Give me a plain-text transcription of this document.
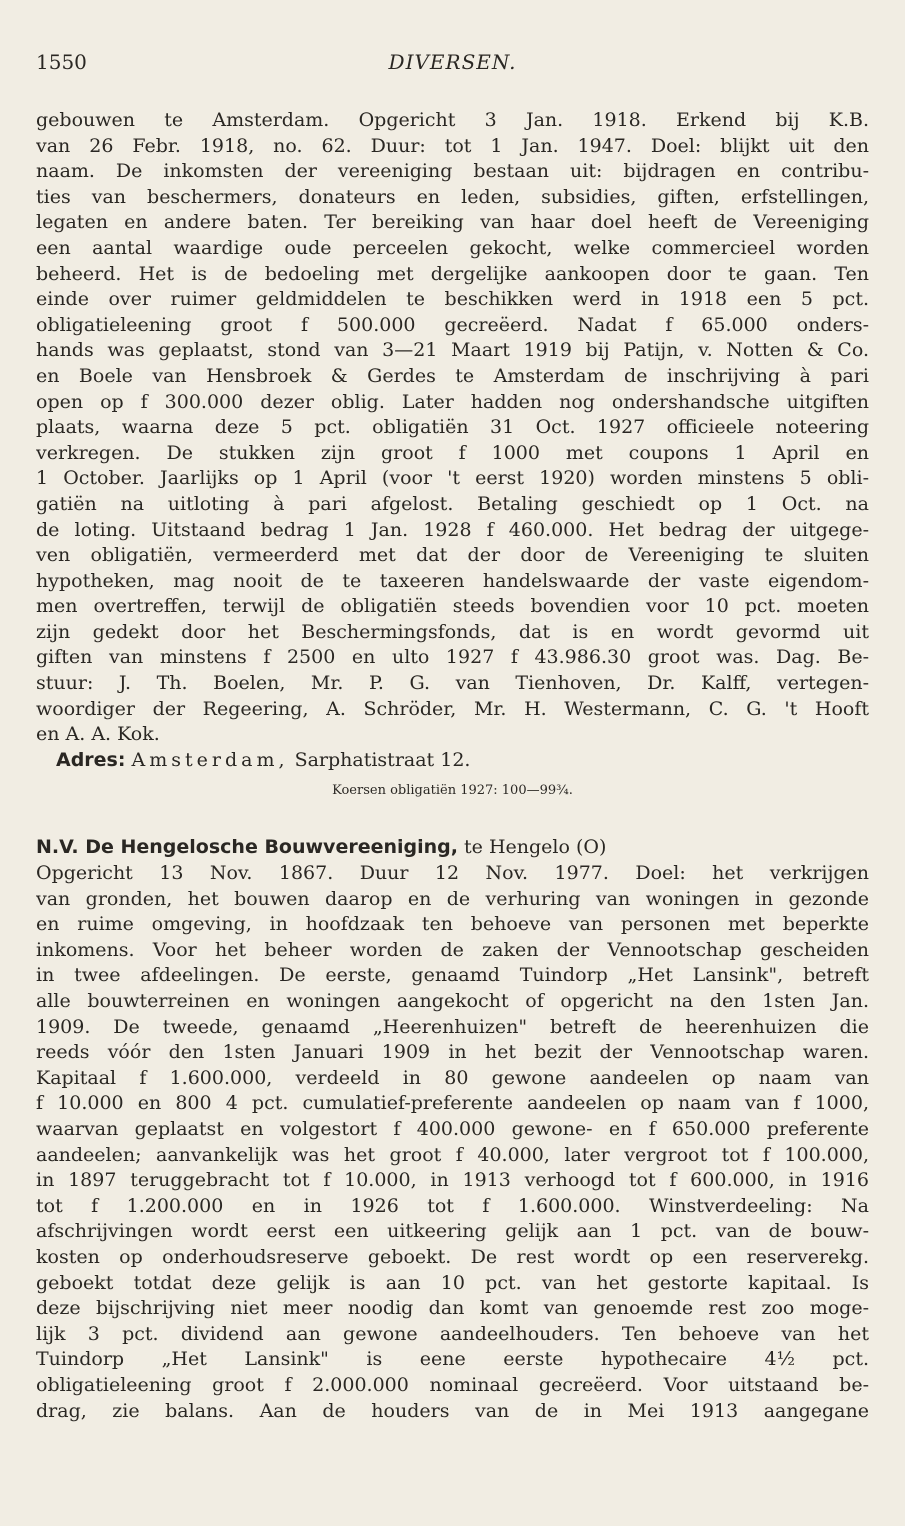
1550	DIVERSEN.
gebouwen te Amsterdam. Opgericht 3 Jan. 1918. Erkend bij K.B.
van 26 Febr. 1918, no. 62. Duur: tot 1 Jan. 1947. Doel: blijkt uit den
naam. De inkomsten der vereeniging bestaan uit: bijdragen en contribu-
ties van beschermers, donateurs en leden, subsidies, giften, erfstellingen,
legaten en andere baten. Ter bereiking van haar doel heeft de Vereeniging
een aantal waardige oude perceelen gekocht, welke commercieel worden
beheerd. Het is de bedoeling met dergelijke aankoopen door te gaan. Ten
einde over ruimer geldmiddelen te beschikken werd in 1918 een 5 pct.
obligatieleening groot f 500.000 gecreëerd. Nadat f 65.000 onders-
hands was geplaatst, stond van 3—21 Maart 1919 bij Patijn, v. Notten & Co.
en Boele van Hensbroek & Gerdes te Amsterdam de inschrijving à pari
open op f 300.000 dezer oblig. Later hadden nog ondershandsche uitgiften
plaats, waarna deze 5 pct. obligatiën 31 Oct. 1927 officieele noteering
verkregen. De stukken zijn groot f 1000 met coupons 1 April en
1 October. Jaarlijks op 1 April (voor 't eerst 1920) worden minstens 5 obli-
gatiën na uitloting à pari afgelost. Betaling geschiedt op 1 Oct. na
de loting. Uitstaand bedrag 1 Jan. 1928 f 460.000. Het bedrag der uitgege-
ven obligatiën, vermeerderd met dat der door de Vereeniging te sluiten
hypotheken, mag nooit de te taxeeren handelswaarde der vaste eigendom-
men overtreffen, terwijl de obligatiën steeds bovendien voor 10 pct. moeten
zijn gedekt door het Beschermingsfonds, dat is en wordt gevormd uit
giften van minstens f 2500 en ulto 1927 f 43.986.30 groot was. Dag. Be-
stuur: J. Th. Boelen, Mr. P. G. van Tienhoven, Dr. Kalff, vertegen-
woordiger der Regeering, A. Schröder, Mr. H. Westermann, C. G. 't Hooft
en A. A. Kok.
Adres: Amsterdam, Sarphatistraat 12.
Koersen obligatiën 1927: 100—99¾.
N.V. De Hengelosche Bouwvereeniging, te Hengelo (O)
Opgericht 13 Nov. 1867. Duur 12 Nov. 1977. Doel: het verkrijgen
van gronden, het bouwen daarop en de verhuring van woningen in gezonde
en ruime omgeving, in hoofdzaak ten behoeve van personen met beperkte
inkomens. Voor het beheer worden de zaken der Vennootschap gescheiden
in twee afdeelingen. De eerste, genaamd Tuindorp „Het Lansink", betreft
alle bouwterreinen en woningen aangekocht of opgericht na den 1sten Jan.
1909. De tweede, genaamd „Heerenhuizen" betreft de heerenhuizen die
reeds vóór den 1sten Januari 1909 in het bezit der Vennootschap waren.
Kapitaal f 1.600.000, verdeeld in 80 gewone aandeelen op naam van
f 10.000 en 800 4 pct. cumulatief-preferente aandeelen op naam van f 1000,
waarvan geplaatst en volgestort f 400.000 gewone- en f 650.000 preferente
aandeelen; aanvankelijk was het groot f 40.000, later vergroot tot f 100.000,
in 1897 teruggebracht tot f 10.000, in 1913 verhoogd tot f 600.000, in 1916
tot f 1.200.000 en in 1926 tot f 1.600.000. Winstverdeeling: Na
afschrijvingen wordt eerst een uitkeering gelijk aan 1 pct. van de bouw-
kosten op onderhoudsreserve geboekt. De rest wordt op een reserverekg.
geboekt totdat deze gelijk is aan 10 pct. van het gestorte kapitaal. Is
deze bijschrijving niet meer noodig dan komt van genoemde rest zoo moge-
lijk 3 pct. dividend aan gewone aandeelhouders. Ten behoeve van het
Tuindorp „Het Lansink" is eene eerste hypothecaire 4½ pct.
obligatieleening groot f 2.000.000 nominaal gecreëerd. Voor uitstaand be-
drag, zie balans. Aan de houders van de in Mei 1913 aangegane
